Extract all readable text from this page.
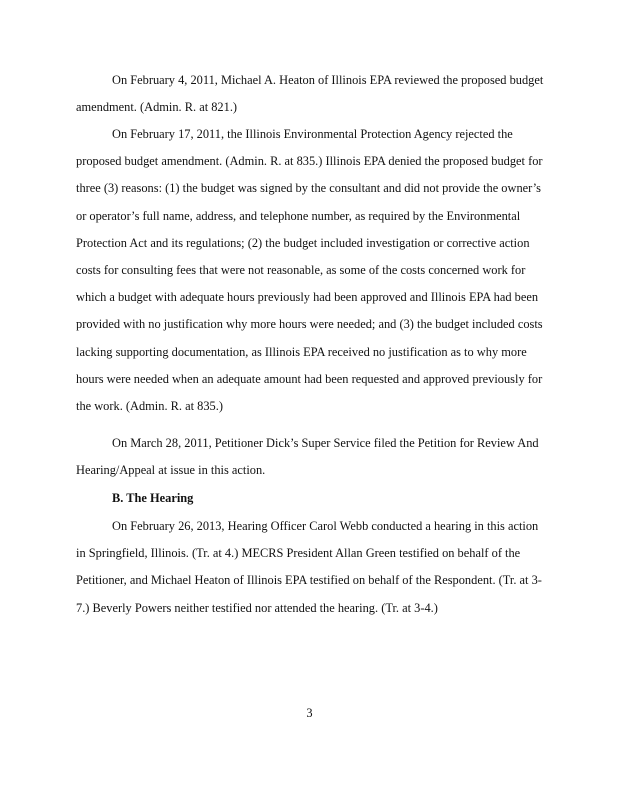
On February 4, 2011, Michael A. Heaton of Illinois EPA reviewed the proposed budget amendment. (Admin. R. at 821.)

On February 17, 2011, the Illinois Environmental Protection Agency rejected the proposed budget amendment. (Admin. R. at 835.) Illinois EPA denied the proposed budget for three (3) reasons: (1) the budget was signed by the consultant and did not provide the owner’s or operator’s full name, address, and telephone number, as required by the Environmental Protection Act and its regulations; (2) the budget included investigation or corrective action costs for consulting fees that were not reasonable, as some of the costs concerned work for which a budget with adequate hours previously had been approved and Illinois EPA had been provided with no justification why more hours were needed; and (3) the budget included costs lacking supporting documentation, as Illinois EPA received no justification as to why more hours were needed when an adequate amount had been requested and approved previously for the work. (Admin. R. at 835.)

On March 28, 2011, Petitioner Dick’s Super Service filed the Petition for Review And Hearing/Appeal at issue in this action.

B. The Hearing

On February 26, 2013, Hearing Officer Carol Webb conducted a hearing in this action in Springfield, Illinois. (Tr. at 4.) MECRS President Allan Green testified on behalf of the Petitioner, and Michael Heaton of Illinois EPA testified on behalf of the Respondent. (Tr. at 3-7.) Beverly Powers neither testified nor attended the hearing. (Tr. at 3-4.)

3
